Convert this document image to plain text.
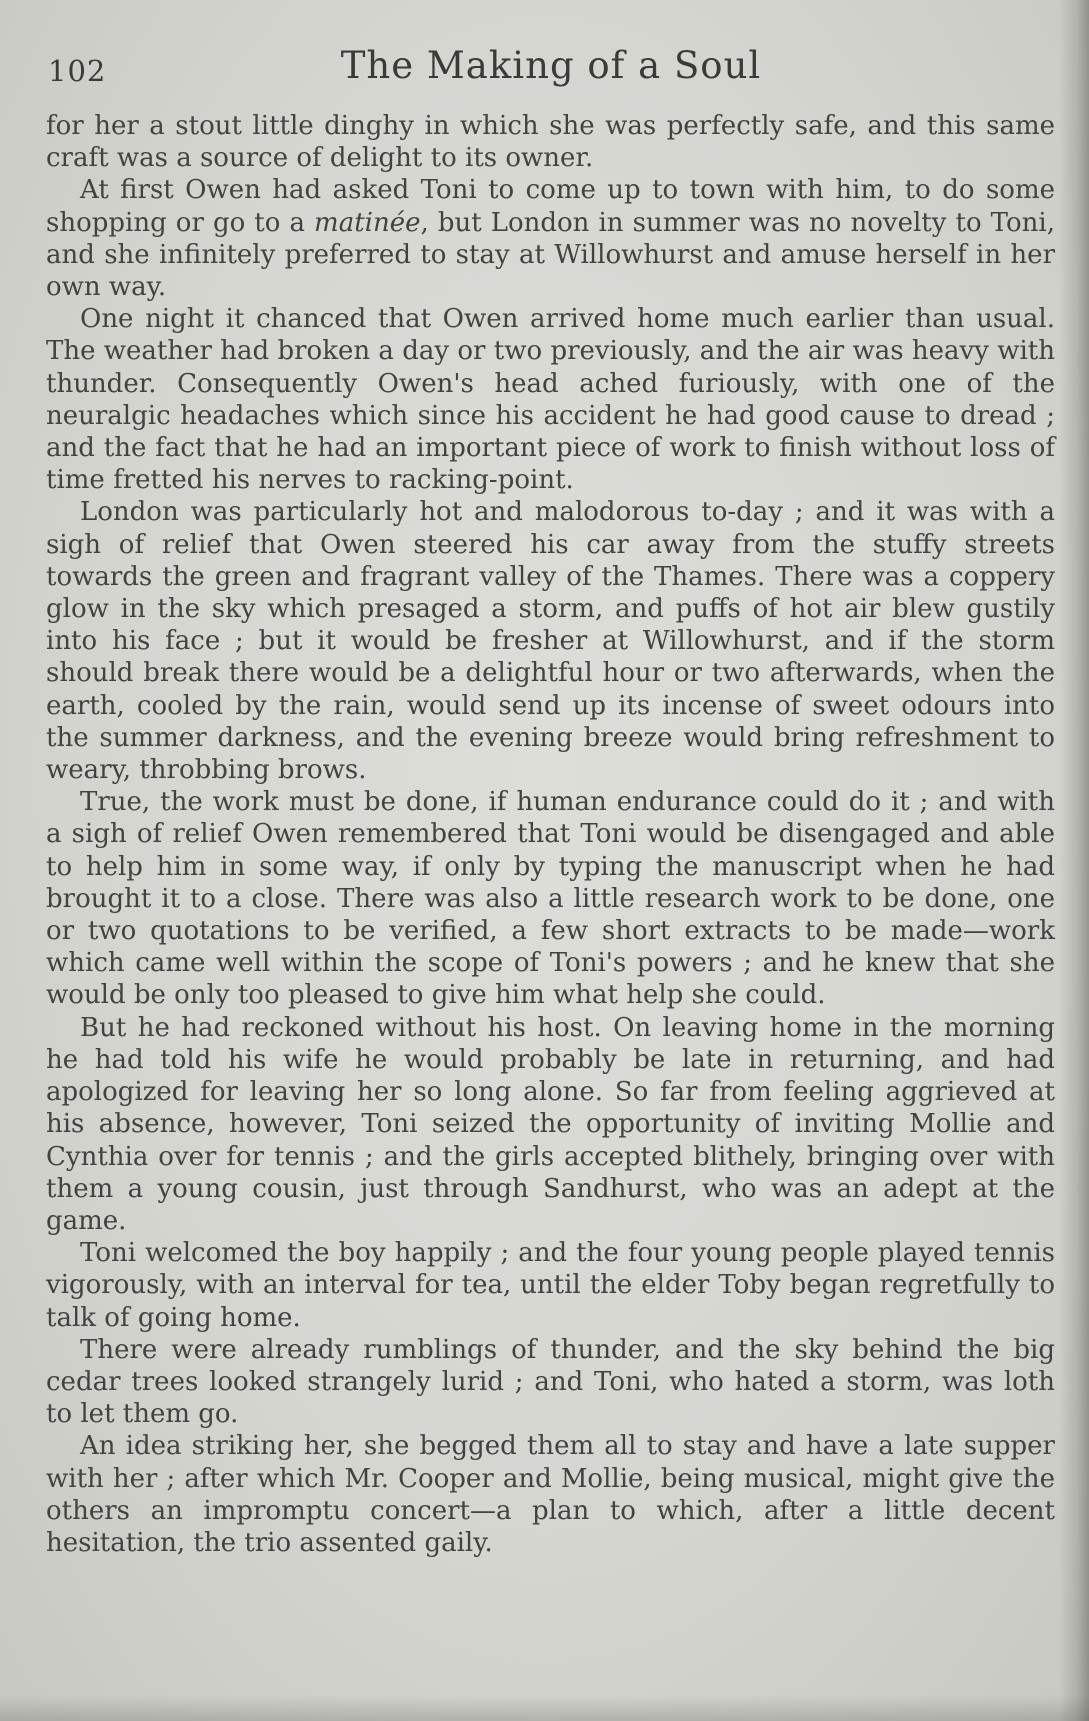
102	The Making of a Soul

for her a stout little dinghy in which she was perfectly safe, and this same craft was a source of delight to its owner.

At first Owen had asked Toni to come up to town with him, to do some shopping or go to a matinée, but London in summer was no novelty to Toni, and she infinitely preferred to stay at Willowhurst and amuse herself in her own way.

One night it chanced that Owen arrived home much earlier than usual. The weather had broken a day or two previously, and the air was heavy with thunder. Consequently Owen's head ached furiously, with one of the neuralgic headaches which since his accident he had good cause to dread ; and the fact that he had an important piece of work to finish without loss of time fretted his nerves to racking-point.

London was particularly hot and malodorous to-day ; and it was with a sigh of relief that Owen steered his car away from the stuffy streets towards the green and fragrant valley of the Thames. There was a coppery glow in the sky which presaged a storm, and puffs of hot air blew gustily into his face ; but it would be fresher at Willowhurst, and if the storm should break there would be a delightful hour or two afterwards, when the earth, cooled by the rain, would send up its incense of sweet odours into the summer darkness, and the evening breeze would bring refreshment to weary, throbbing brows.

True, the work must be done, if human endurance could do it ; and with a sigh of relief Owen remembered that Toni would be disengaged and able to help him in some way, if only by typing the manuscript when he had brought it to a close. There was also a little research work to be done, one or two quotations to be verified, a few short extracts to be made—work which came well within the scope of Toni's powers ; and he knew that she would be only too pleased to give him what help she could.

But he had reckoned without his host. On leaving home in the morning he had told his wife he would probably be late in returning, and had apologized for leaving her so long alone. So far from feeling aggrieved at his absence, however, Toni seized the opportunity of inviting Mollie and Cynthia over for tennis ; and the girls accepted blithely, bringing over with them a young cousin, just through Sandhurst, who was an adept at the game.

Toni welcomed the boy happily ; and the four young people played tennis vigorously, with an interval for tea, until the elder Toby began regretfully to talk of going home.

There were already rumblings of thunder, and the sky behind the big cedar trees looked strangely lurid ; and Toni, who hated a storm, was loth to let them go.

An idea striking her, she begged them all to stay and have a late supper with her ; after which Mr. Cooper and Mollie, being musical, might give the others an impromptu concert—a plan to which, after a little decent hesitation, the trio assented gaily.
